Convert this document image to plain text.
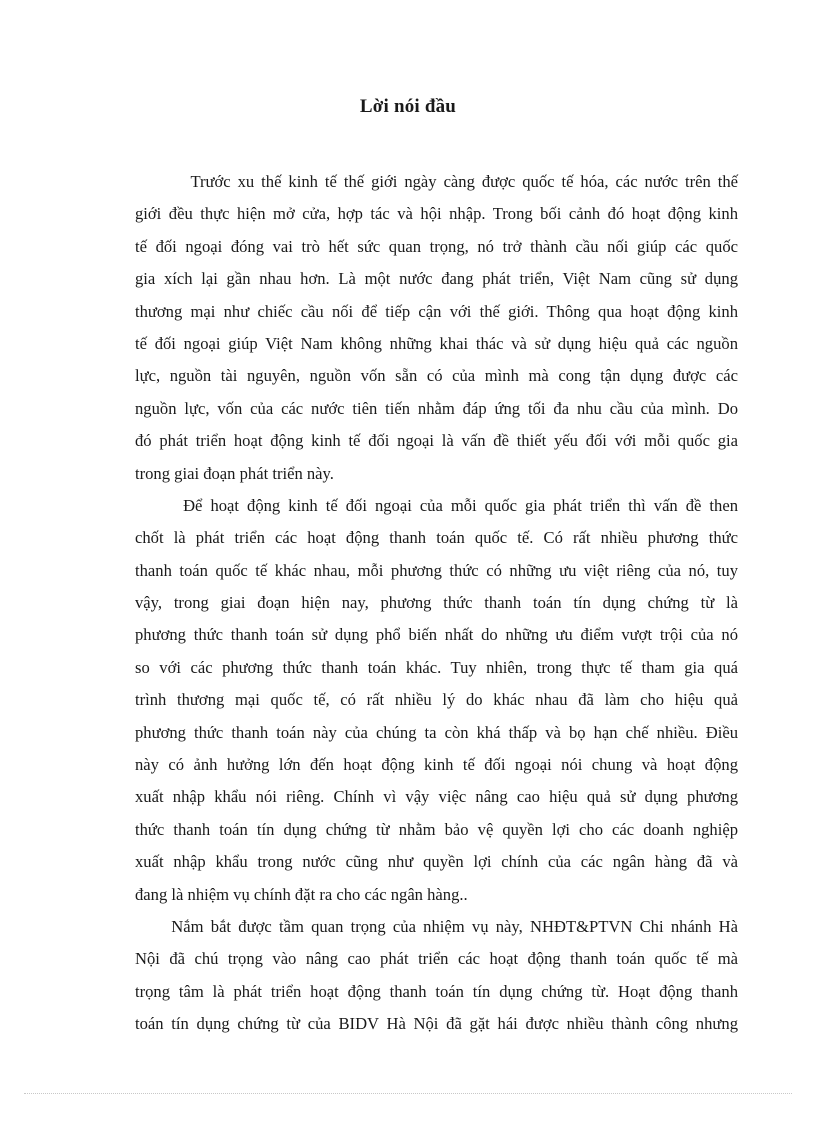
Lời nói đầu
Trước xu thế kinh tế thế giới ngày càng được quốc tế hóa, các nước trên thế
giới đều thực hiện mở cửa, hợp tác và hội nhập. Trong bối cảnh đó hoạt động kinh
tế đối ngoại đóng vai trò hết sức quan trọng, nó trở thành cầu nối giúp các quốc
gia xích lại gần nhau hơn. Là một nước đang phát triển, Việt Nam cũng sử dụng
thương mại như chiếc cầu nối để tiếp cận với thế giới. Thông qua hoạt động kinh
tế đối ngoại giúp Việt Nam không những khai thác và sử dụng hiệu quả các nguồn
lực, nguồn tài nguyên, nguồn vốn sẵn có của mình mà cong tận dụng được các
nguồn lực, vốn của các nước tiên tiến nhằm đáp ứng tối đa nhu cầu của mình. Do
đó phát triển hoạt động kinh tế đối ngoại là vấn đề thiết yếu đối với mỗi quốc gia
trong giai đoạn phát triển này.
Để hoạt động kinh tế đối ngoại của mỗi quốc gia phát triển thì vấn đề then
chốt là phát triển các hoạt động thanh toán quốc tế. Có rất nhiều phương thức
thanh toán quốc tế khác nhau, mỗi phương thức có những ưu việt riêng của nó, tuy
vậy, trong giai đoạn hiện nay, phương thức thanh toán tín dụng chứng từ là
phương thức thanh toán sử dụng phổ biến nhất do những ưu điểm vượt trội của nó
so với các phương thức thanh toán khác. Tuy nhiên, trong thực tế tham gia quá
trình thương mại quốc tế, có rất nhiều lý do khác nhau đã làm cho hiệu quả
phương thức thanh toán này của chúng ta còn khá thấp và bọ hạn chế nhiều. Điều
này có ảnh hưởng lớn đến hoạt động kinh tế đối ngoại nói chung và hoạt động
xuất nhập khẩu nói riêng. Chính vì vậy việc nâng cao hiệu quả sử dụng phương
thức thanh toán tín dụng chứng từ nhằm bảo vệ quyền lợi cho các doanh nghiệp
xuất nhập khẩu trong nước cũng như quyền lợi chính của các ngân hàng đã và
đang là nhiệm vụ chính đặt ra cho các ngân hàng..
Nắm bắt được tầm quan trọng của nhiệm vụ này, NHĐT&PTVN Chi nhánh Hà
Nội đã chú trọng vào nâng cao phát triển các hoạt động thanh toán quốc tế mà
trọng tâm là phát triển hoạt động thanh toán tín dụng chứng từ. Hoạt động thanh
toán tín dụng chứng từ của BIDV Hà Nội đã gặt hái được nhiều thành công nhưng
